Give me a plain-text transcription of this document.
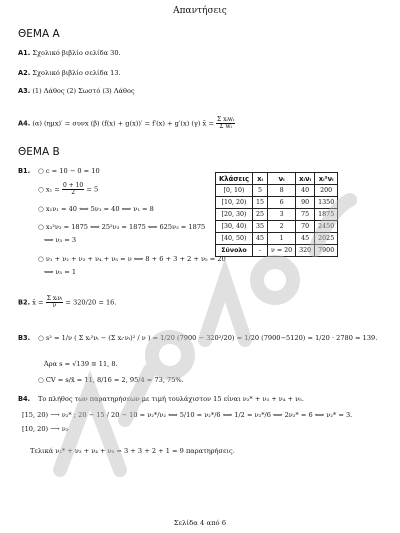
Απαντήσεις
ΘΕΜΑ Α
Α1. Σχολικό βιβλίο σελίδα 30.
Α2. Σχολικό βιβλίο σελίδα 13.
Α3. (1) Λάθος (2) Σωστό (3) Λάθος
Α4. (α) (ημx)′ = συνx (β) (f(x) + g(x))′ = f′(x) + g′(x) (γ) x̄ = $\frac{\text{Σ xᵢwᵢ}}{\text{Σ wᵢ}}$
ΘΕΜΑ Β
Β1. ○ c = 10 − 0 = 10
○ $x_1 = \frac{0 + 10}{2} = 5$
○ x₁ν₁ = 40 ⟺ 5ν₁ = 40 ⟺ ν₁ = 8
○ x₃²ν₃ = 1875 ⟺ 25²ν₃ = 1875 ⟺ 625ν₃ = 1875
⟺ ν₃ = 3
○ ν₁ + ν₂ + ν₃ + ν₄ + ν₅ = ν ⟺ 8 + 6 + 3 + 2 + ν₅ = 20
⟺ ν₅ = 1
Κλάσεις	xᵢ	νᵢ	xᵢνᵢ	xᵢ²νᵢ
[0, 10)	5	8	40	200
[10, 20)	15	6	90	1350
[20, 30)	25	3	75	1875
[30, 40)	35	2	70	2450
[40, 50)	45	1	45	2025
Σύνολο	-	ν = 20	320	7900
Β2. x̄ = $\frac{\text{Σ xᵢνᵢ}}{\nu} = 320/20 = 16$.
Β3. ○ s² = 1/ν ( Σ xᵢ²νᵢ − (Σ xᵢ·νᵢ)² / ν ) = 1/20 (7900 − 320²/20) = 1/20 (7900−5120) = 1/20 · 2780 = 139.
Άρα s = √139 ≅ 11, 8.
○ CV = s/x̄ = 11, 8/16 = 2, 95/4 = 73, 75%.
Β4. Το πλήθος των παρατηρήσεων με τιμή τουλάχιστον 15 είναι ν₂* + ν₃ + ν₄ + ν₅.
[15, 20) ⟶ ν₂* ; 20 − 15 / 20 − 10 = ν₂*/ν₂ ⟺ 5/10 = ν₂*/6 ⟺ 1/2 = ν₂*/6 ⟺ 2ν₂* = 6 ⟺ ν₂* = 3.
[10, 20) ⟶ ν₂
Τελικά ν₂* + ν₃ + ν₄ + ν₅ = 3 + 3 + 2 + 1 = 9 παρατηρήσεις.
Σελίδα 4 από 6
